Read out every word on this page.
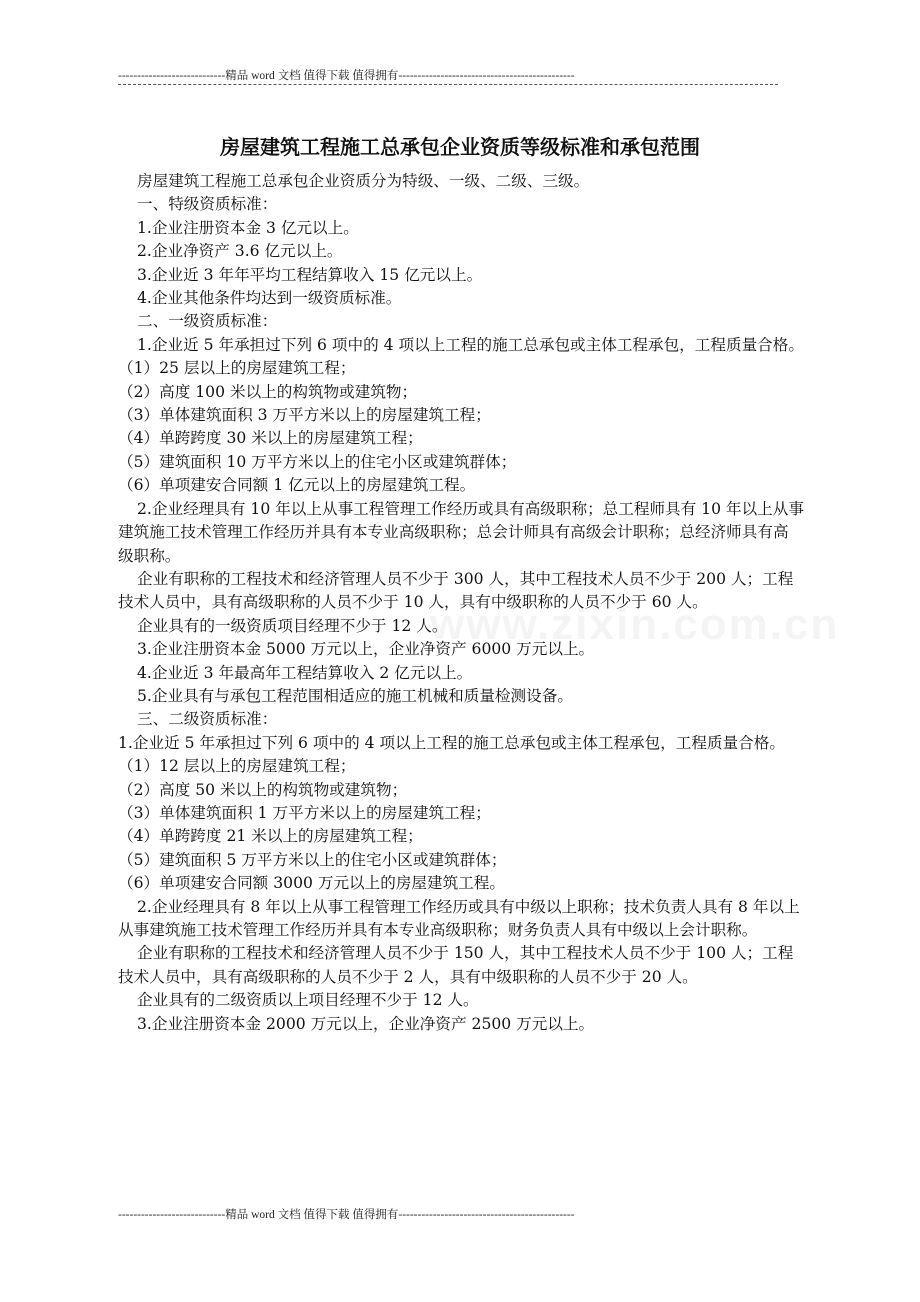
----------------------------精品 word 文档 值得下载 值得拥有----------------------------------------------
www.zixin.com.cn
房屋建筑工程施工总承包企业资质等级标准和承包范围

房屋建筑工程施工总承包企业资质分为特级、一级、二级、三级。

一、特级资质标准：

1.企业注册资本金 3 亿元以上。

2.企业净资产 3.6 亿元以上。

3.企业近 3 年年平均工程结算收入 15 亿元以上。

4.企业其他条件均达到一级资质标准。

二、一级资质标准：

1.企业近 5 年承担过下列 6 项中的 4 项以上工程的施工总承包或主体工程承包，工程质量合格。

（1）25 层以上的房屋建筑工程；

（2）高度 100 米以上的构筑物或建筑物；

（3）单体建筑面积 3 万平方米以上的房屋建筑工程；

（4）单跨跨度 30 米以上的房屋建筑工程；

（5）建筑面积 10 万平方米以上的住宅小区或建筑群体；

（6）单项建安合同额 1 亿元以上的房屋建筑工程。

2.企业经理具有 10 年以上从事工程管理工作经历或具有高级职称；总工程师具有 10 年以上从事建筑施工技术管理工作经历并具有本专业高级职称；总会计师具有高级会计职称；总经济师具有高级职称。

企业有职称的工程技术和经济管理人员不少于 300 人，其中工程技术人员不少于 200 人；工程技术人员中，具有高级职称的人员不少于 10 人，具有中级职称的人员不少于 60 人。

企业具有的一级资质项目经理不少于 12 人。

3.企业注册资本金 5000 万元以上，企业净资产 6000 万元以上。

4.企业近 3 年最高年工程结算收入 2 亿元以上。

5.企业具有与承包工程范围相适应的施工机械和质量检测设备。

三、二级资质标准：

1.企业近 5 年承担过下列 6 项中的 4 项以上工程的施工总承包或主体工程承包，工程质量合格。

（1）12 层以上的房屋建筑工程；

（2）高度 50 米以上的构筑物或建筑物；

（3）单体建筑面积 1 万平方米以上的房屋建筑工程；

（4）单跨跨度 21 米以上的房屋建筑工程；

（5）建筑面积 5 万平方米以上的住宅小区或建筑群体；

（6）单项建安合同额 3000 万元以上的房屋建筑工程。

2.企业经理具有 8 年以上从事工程管理工作经历或具有中级以上职称；技术负责人具有 8 年以上从事建筑施工技术管理工作经历并具有本专业高级职称；财务负责人具有中级以上会计职称。

企业有职称的工程技术和经济管理人员不少于 150 人，其中工程技术人员不少于 100 人；工程技术人员中，具有高级职称的人员不少于 2 人，具有中级职称的人员不少于 20 人。

企业具有的二级资质以上项目经理不少于 12 人。

3.企业注册资本金 2000 万元以上，企业净资产 2500 万元以上。

----------------------------精品 word 文档 值得下载 值得拥有----------------------------------------------
